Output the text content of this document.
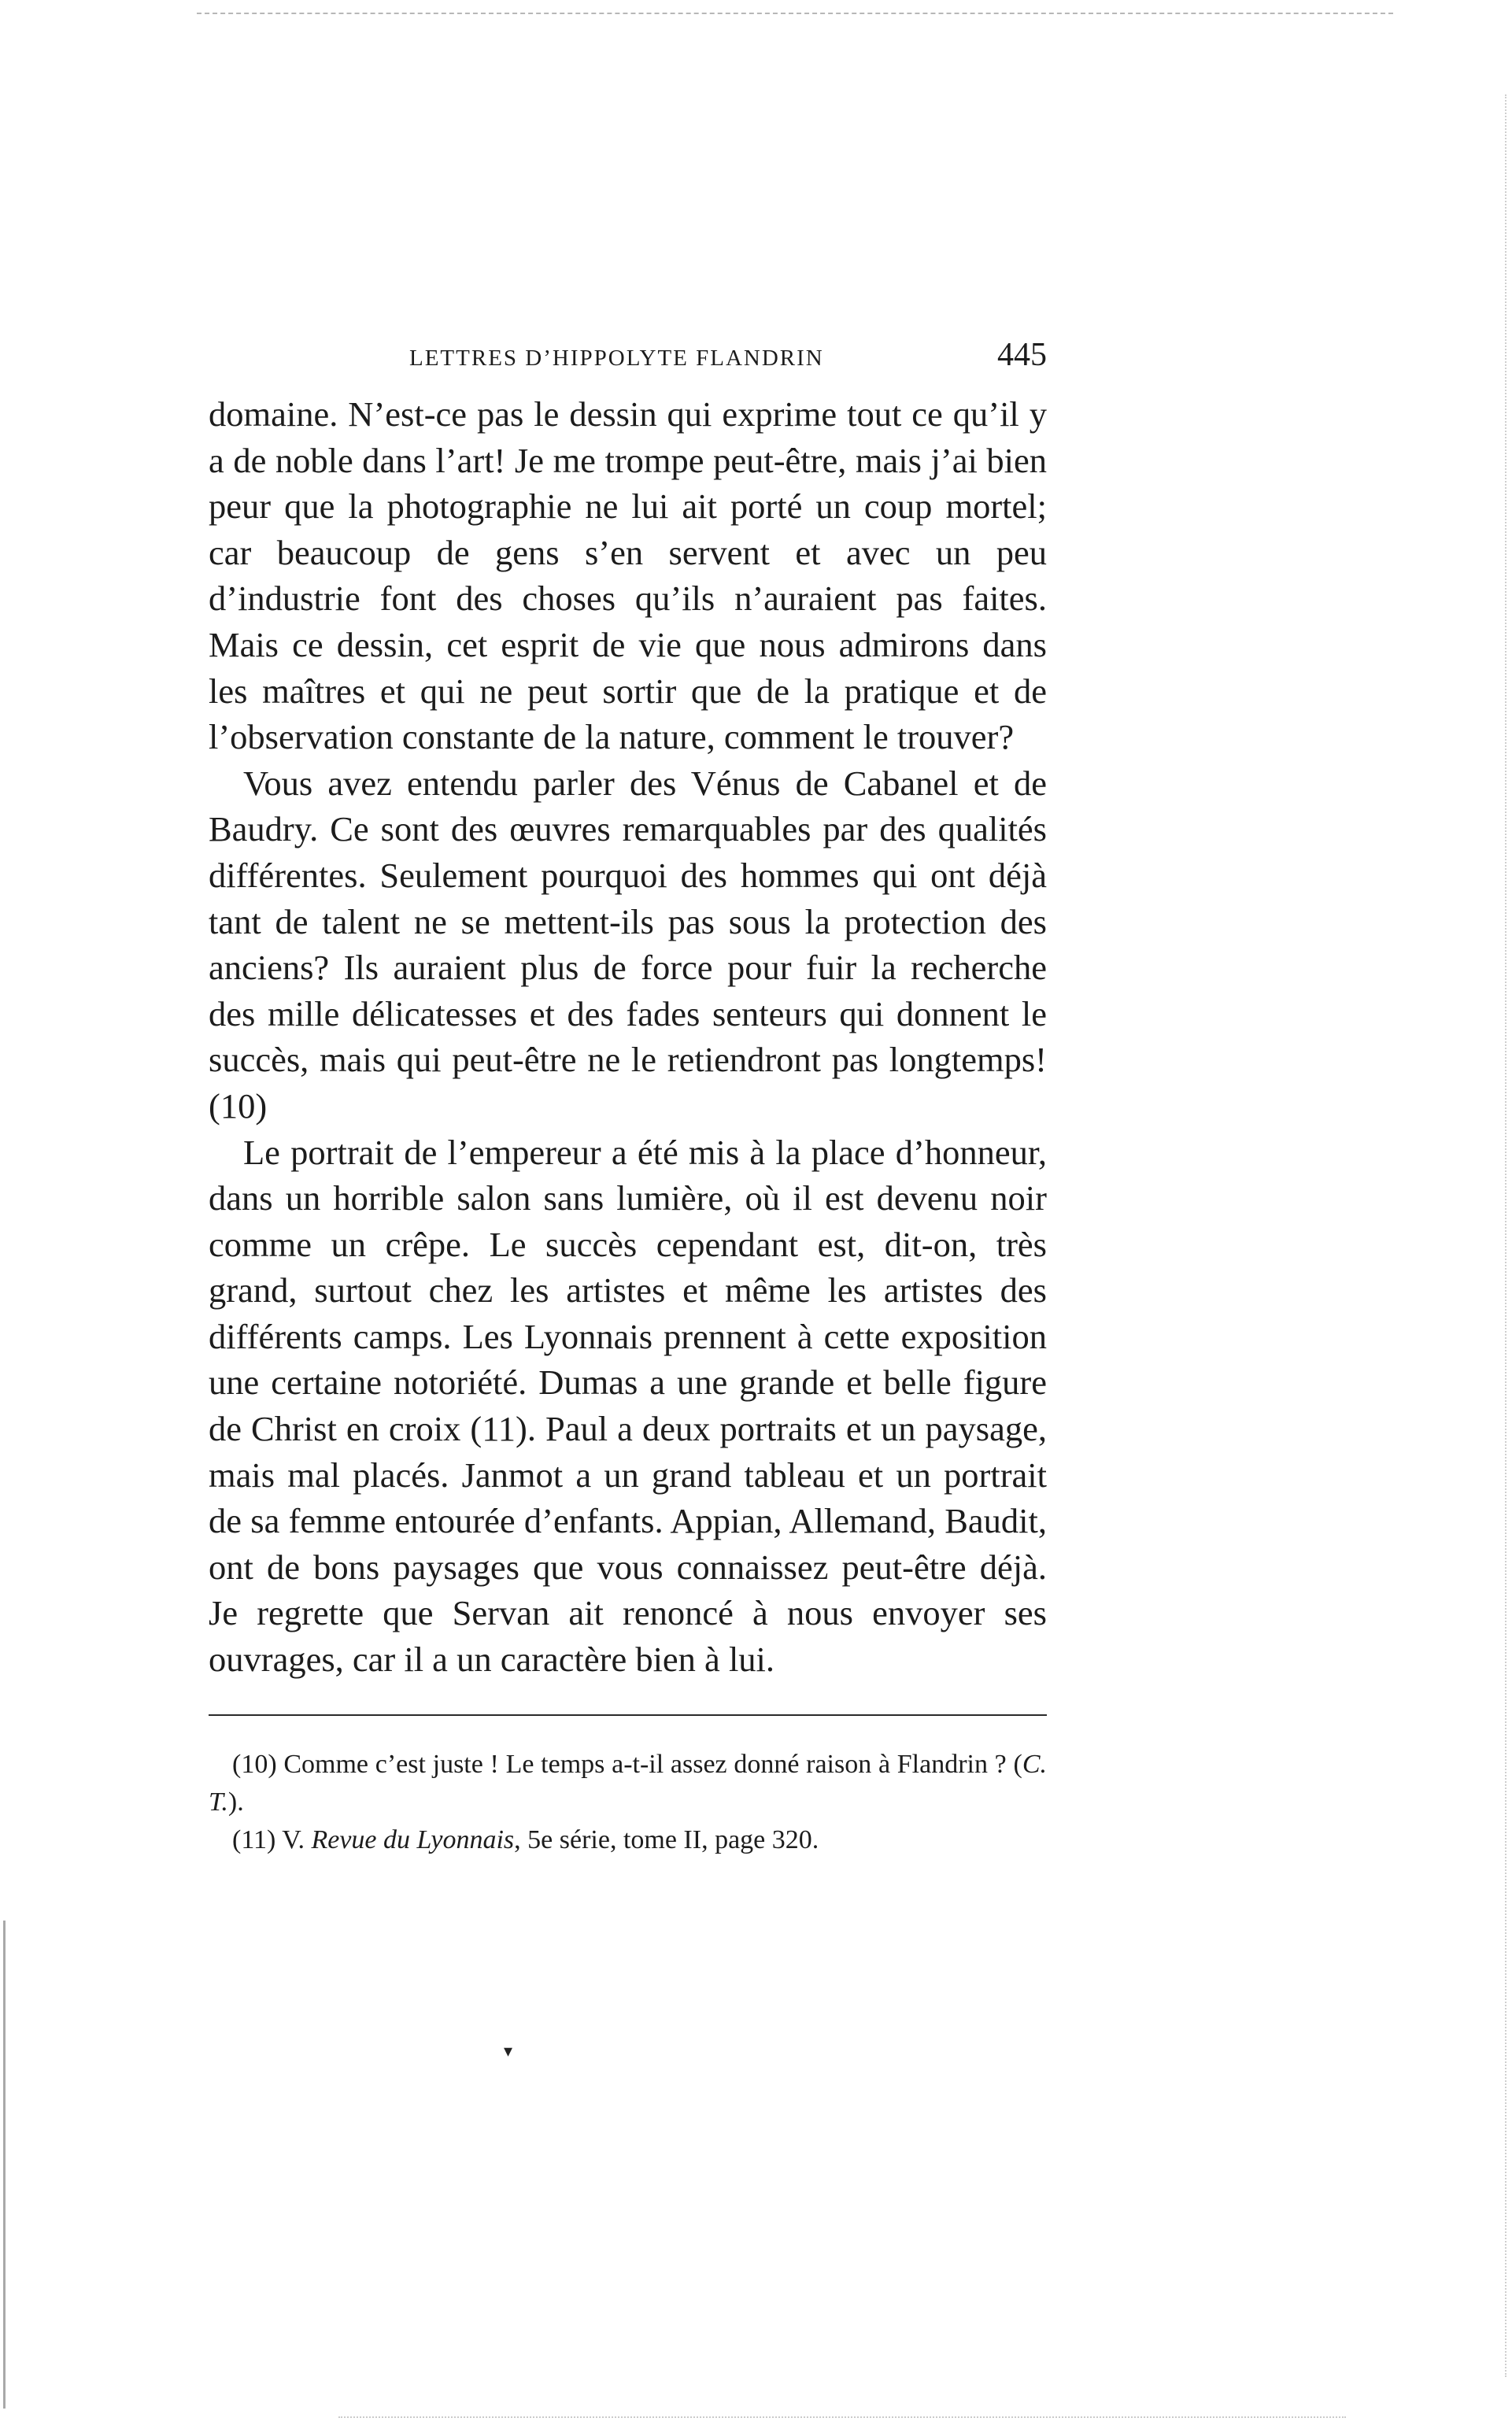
LETTRES D’HIPPOLYTE FLANDRIN	445

domaine. N’est-ce pas le dessin qui exprime tout ce qu’il y a de noble dans l’art! Je me trompe peut-être, mais j’ai bien peur que la photographie ne lui ait porté un coup mortel; car beaucoup de gens s’en servent et avec un peu d’industrie font des choses qu’ils n’auraient pas faites. Mais ce dessin, cet esprit de vie que nous admirons dans les maîtres et qui ne peut sortir que de la pratique et de l’observation constante de la nature, comment le trouver?

Vous avez entendu parler des Vénus de Cabanel et de Baudry. Ce sont des œuvres remarquables par des qualités différentes. Seulement pourquoi des hommes qui ont déjà tant de talent ne se mettent-ils pas sous la protection des anciens? Ils auraient plus de force pour fuir la recherche des mille délicatesses et des fades senteurs qui donnent le succès, mais qui peut-être ne le retiendront pas longtemps! (10)

Le portrait de l’empereur a été mis à la place d’honneur, dans un horrible salon sans lumière, où il est devenu noir comme un crêpe. Le succès cependant est, dit-on, très grand, surtout chez les artistes et même les artistes des différents camps. Les Lyonnais prennent à cette exposition une certaine notoriété. Dumas a une grande et belle figure de Christ en croix (11). Paul a deux portraits et un paysage, mais mal placés. Janmot a un grand tableau et un portrait de sa femme entourée d’enfants. Appian, Allemand, Baudit, ont de bons paysages que vous connaissez peut-être déjà. Je regrette que Servan ait renoncé à nous envoyer ses ouvrages, car il a un caractère bien à lui.

(10) Comme c’est juste ! Le temps a-t-il assez donné raison à Flandrin ? (C. T.).

(11) V. Revue du Lyonnais, 5e série, tome II, page 320.

▾
